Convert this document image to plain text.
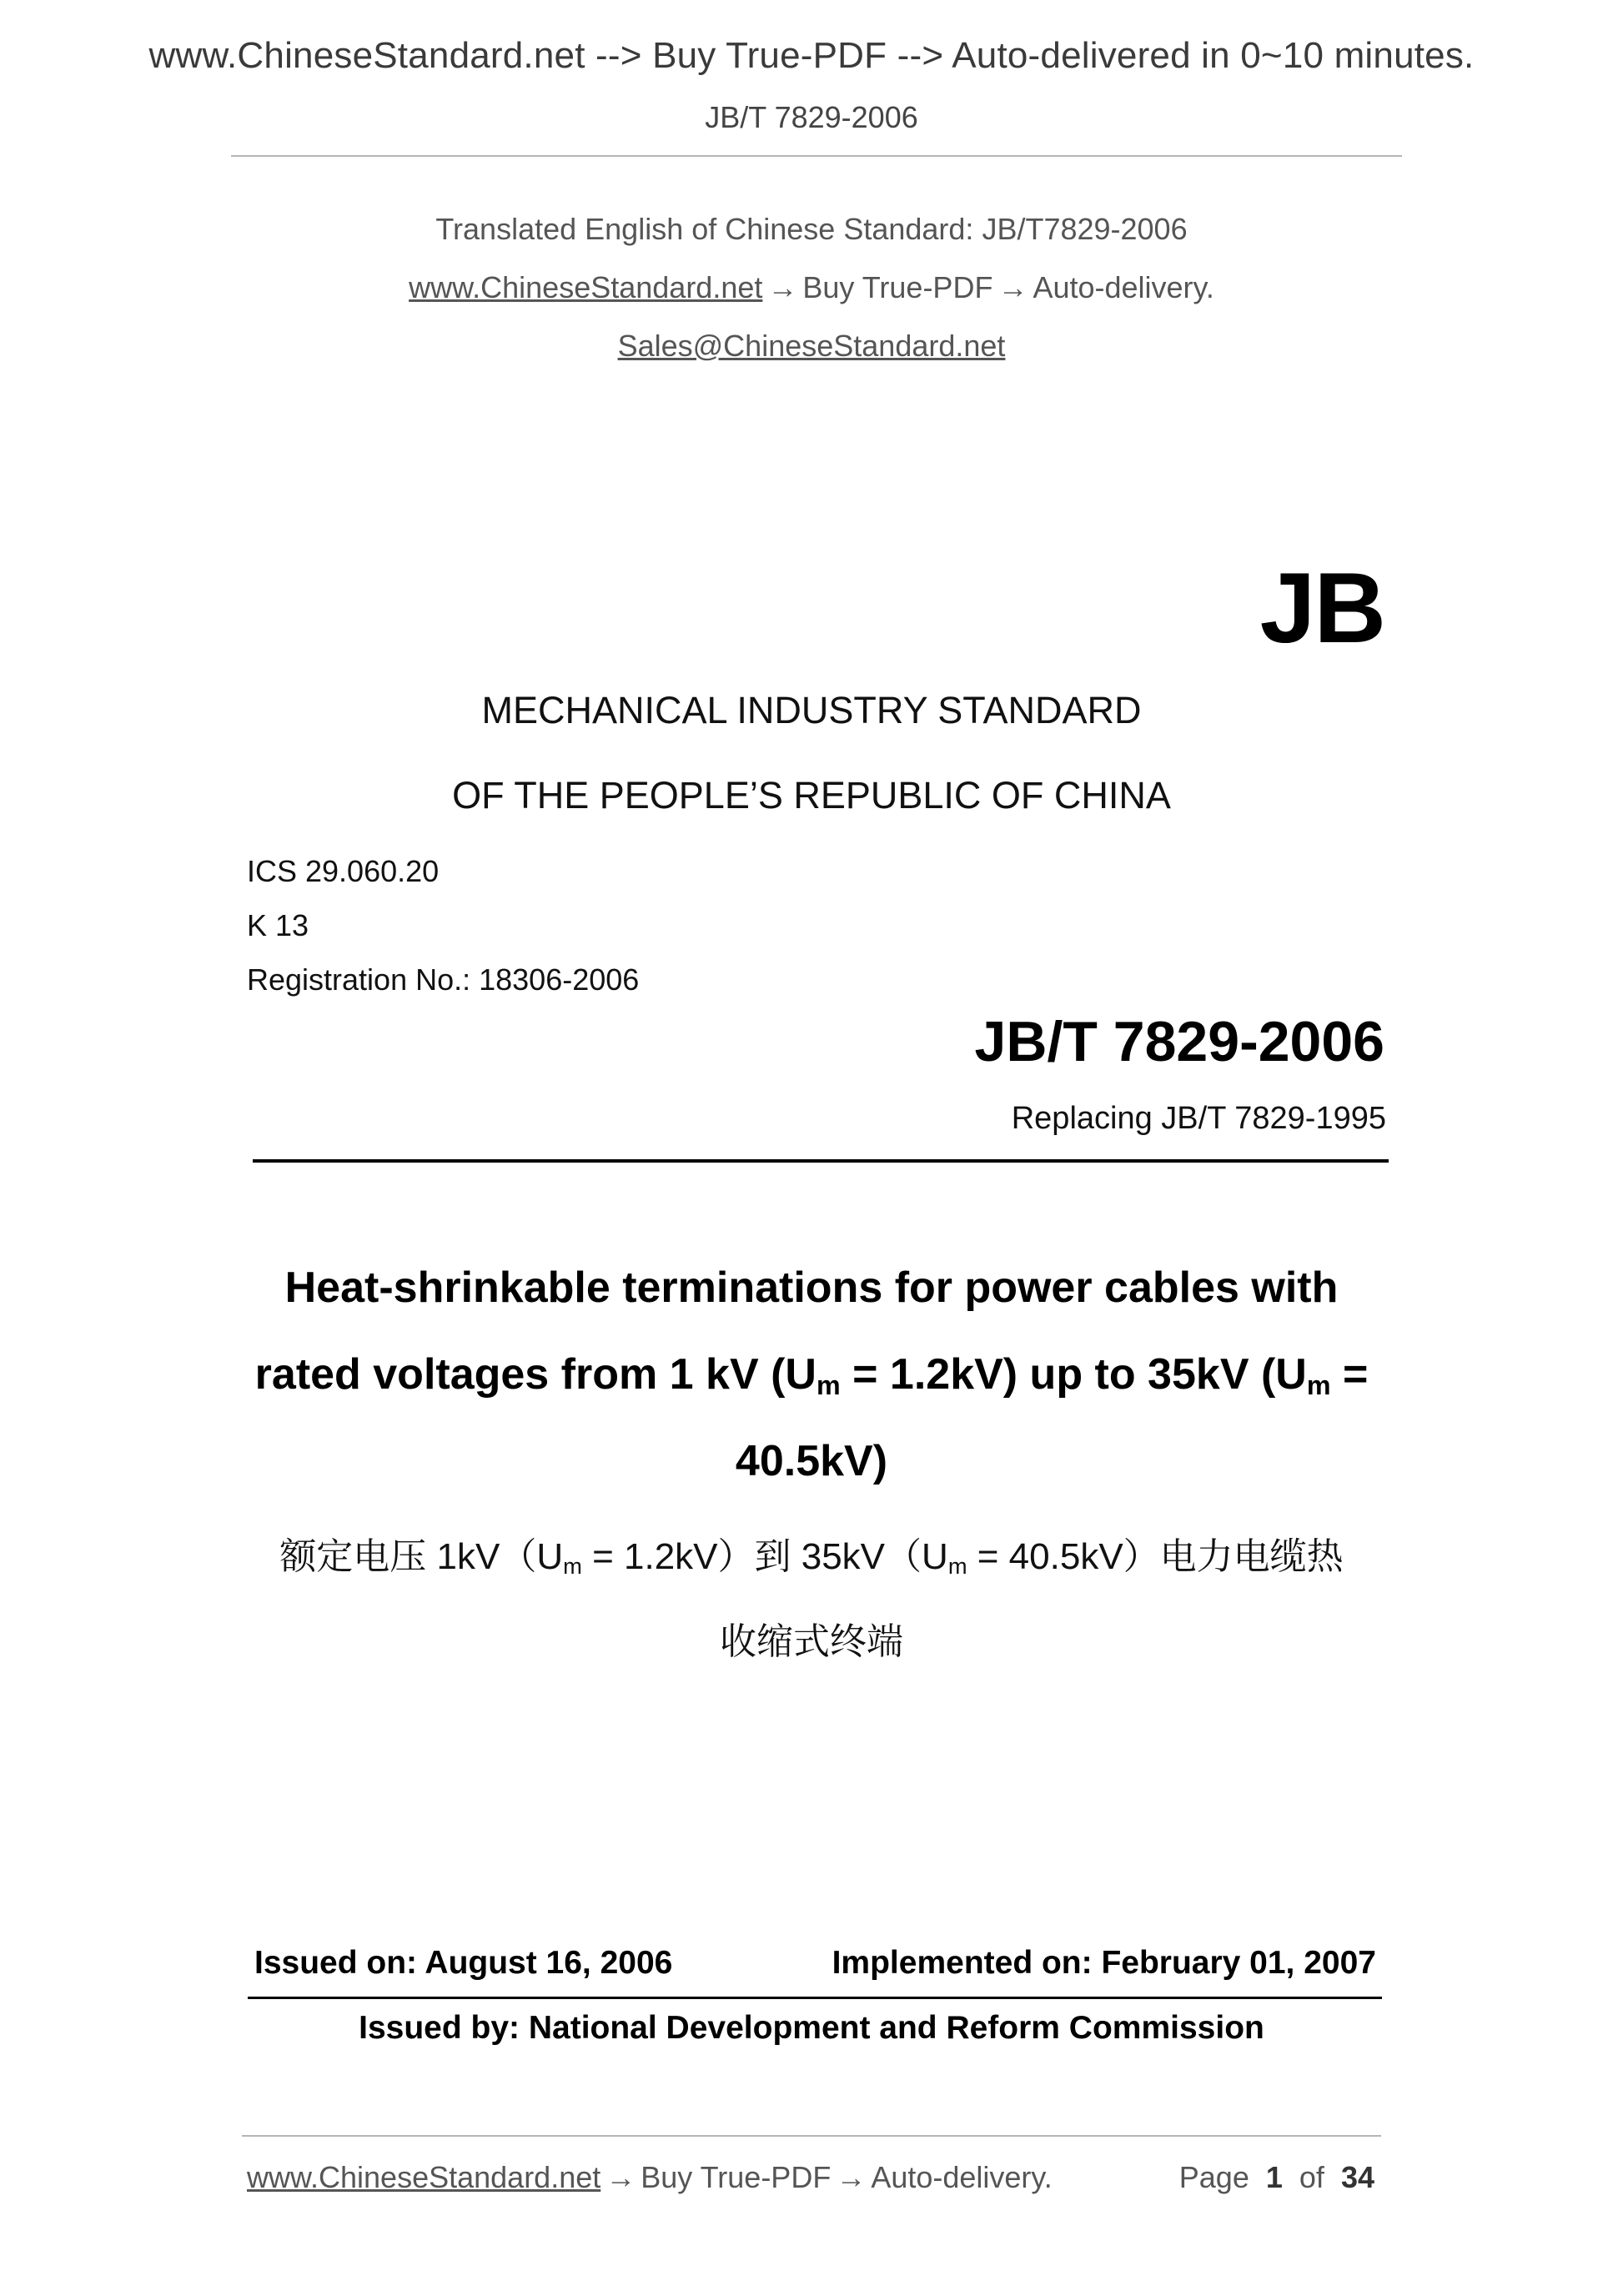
www.ChineseStandard.net --> Buy True-PDF --> Auto-delivered in 0~10 minutes.
JB/T 7829-2006
Translated English of Chinese Standard: JB/T7829-2006
www.ChineseStandard.net → Buy True-PDF → Auto-delivery.
Sales@ChineseStandard.net
JB
MECHANICAL INDUSTRY STANDARD
OF THE PEOPLE’S REPUBLIC OF CHINA
ICS 29.060.20
K 13
Registration No.: 18306-2006
JB/T 7829-2006
Replacing JB/T 7829-1995
Heat-shrinkable terminations for power cables with
rated voltages from 1 kV $(U_m = 1.2kV)$ up to 35kV ($U_m$ =
40.5kV)
额定电压 $1kV(U_m = 1.2kV)$到 $35kV(U_m = 40.5kV)$电力电缆热
收缩式终端
Issued on: August 16, 2006	Implemented on: February 01, 2007
Issued by: National Development and Reform Commission
www.ChineseStandard.net → Buy True-PDF → Auto-delivery.	Page 1 of 34
